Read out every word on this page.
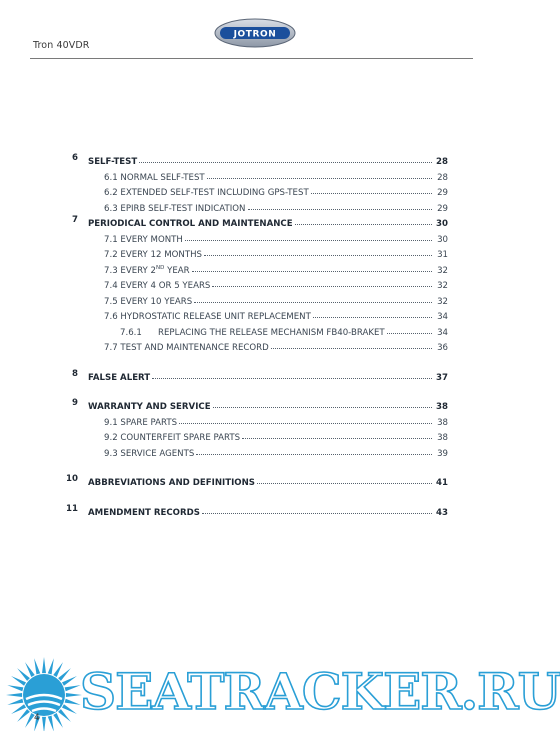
JOTRON
Tron 40VDR
6	SELF-TEST	28
6.1 NORMAL SELF-TEST	28
6.2 EXTENDED SELF-TEST INCLUDING GPS-TEST	29
6.3 EPIRB SELF-TEST INDICATION	29
7	PERIODICAL CONTROL AND MAINTENANCE	30
7.1 EVERY MONTH	30
7.2 EVERY 12 MONTHS	31
7.3 EVERY 2ND YEAR	32
7.4 EVERY 4 OR 5 YEARS	32
7.5 EVERY 10 YEARS	32
7.6 HYDROSTATIC RELEASE UNIT REPLACEMENT	34
7.6.1 REPLACING THE RELEASE MECHANISM FB40-BRAKET	34
7.7 TEST AND MAINTENANCE RECORD	36
8	FALSE ALERT	37
9	WARRANTY AND SERVICE	38
9.1 SPARE PARTS	38
9.2 COUNTERFEIT SPARE PARTS	38
9.3 SERVICE AGENTS	39
10 ABBREVIATIONS AND DEFINITIONS	41
11 AMENDMENT RECORDS	43
SEATRACKER.RU
4
